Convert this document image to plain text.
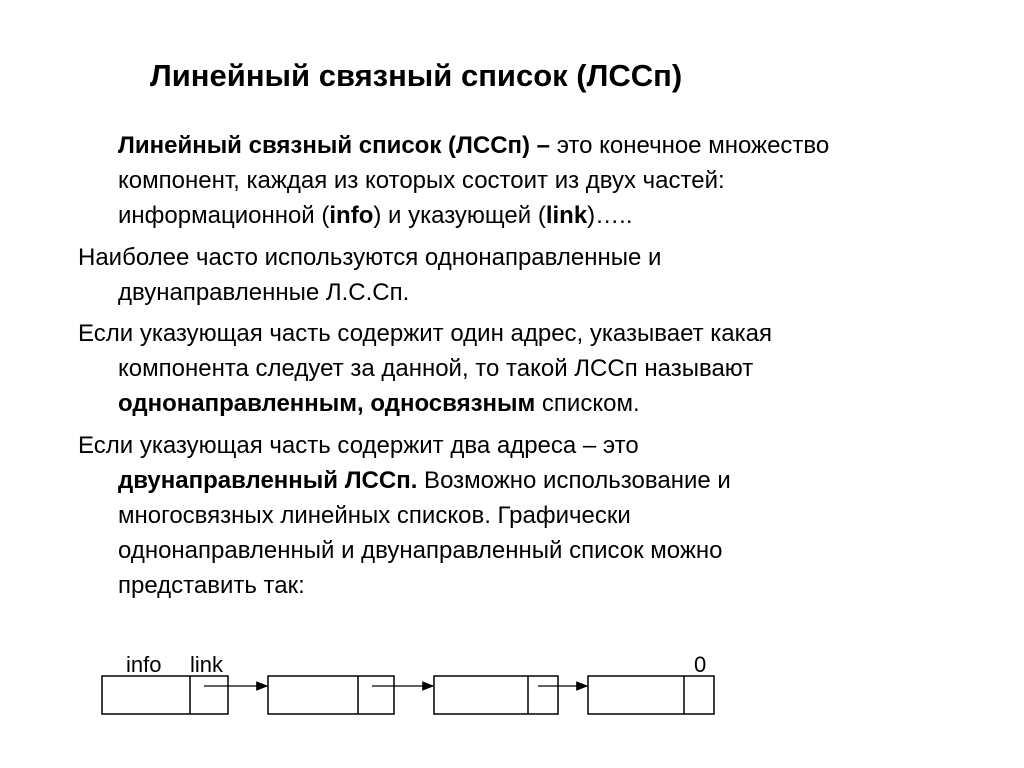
Линейный связный список (ЛССп)
Линейный связный список (ЛССп) – это конечное множество
компонент, каждая из которых состоит из двух частей:
информационной (info) и указующей (link)…..
Наиболее часто используются однонаправленные и
двунаправленные Л.С.Сп.
Если указующая часть содержит один адрес, указывает какая
компонента следует за данной, то такой ЛССп называют
однонаправленным, односвязным списком.
Если указующая часть содержит два адреса – это
двунаправленный ЛССп. Возможно использование и
многосвязных линейных списков. Графически
однонаправленный и двунаправленный список можно
представить так:
info link	0
